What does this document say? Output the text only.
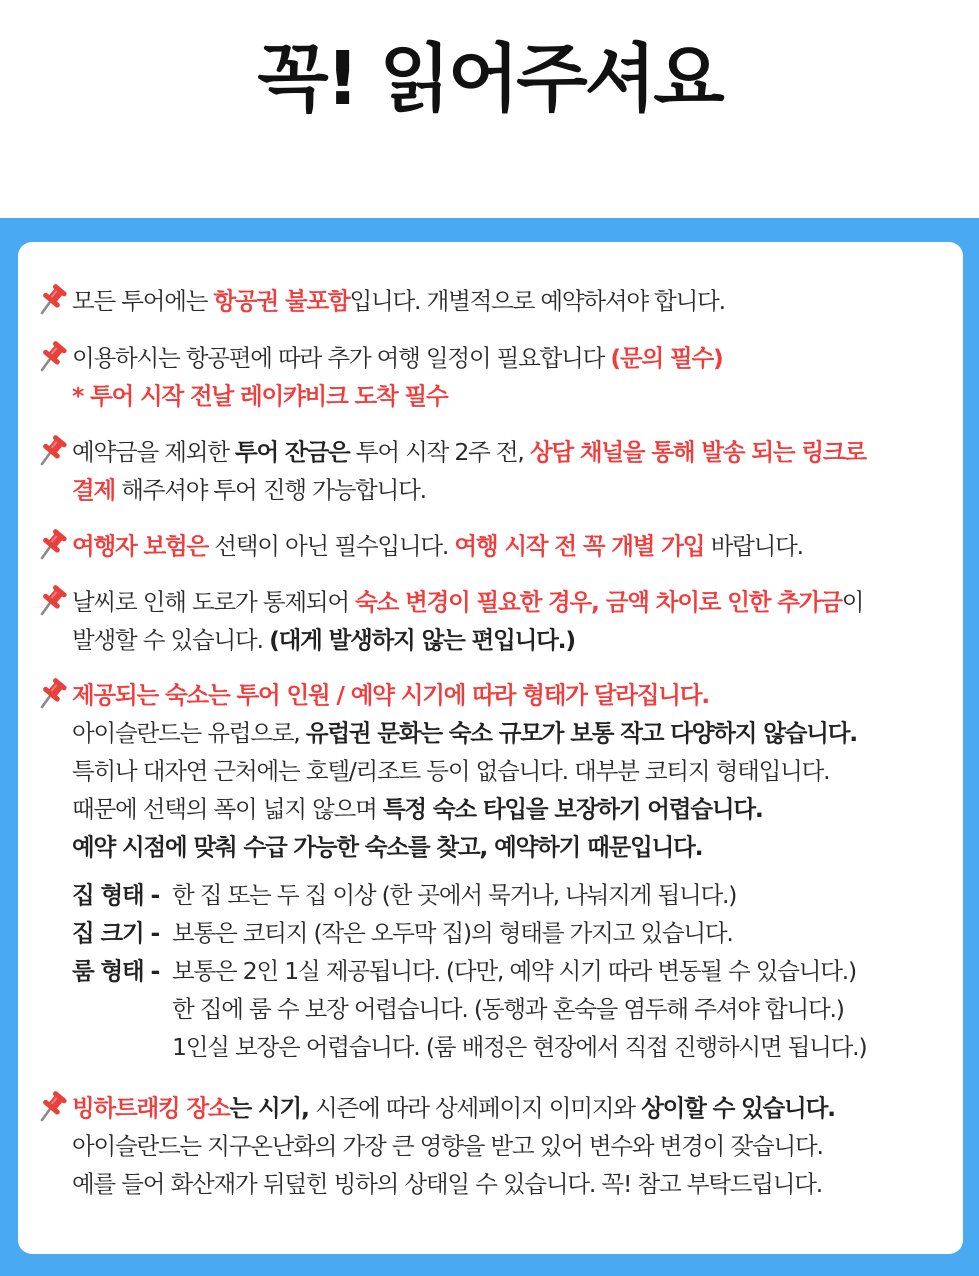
꼭! 읽어주셔요
모든 투어에는 항공권 불포함입니다. 개별적으로 예약하셔야 합니다.
이용하시는 항공편에 따라 추가 여행 일정이 필요합니다 (문의 필수)
* 투어 시작 전날 레이캬비크 도착 필수
예약금을 제외한 투어 잔금은 투어 시작 2주 전, 상담 채널을 통해 발송 되는 링크로
결제 해주셔야 투어 진행 가능합니다.
여행자 보험은 선택이 아닌 필수입니다. 여행 시작 전 꼭 개별 가입 바랍니다.
날씨로 인해 도로가 통제되어 숙소 변경이 필요한 경우, 금액 차이로 인한 추가금이
발생할 수 있습니다. (대게 발생하지 않는 편입니다.)
제공되는 숙소는 투어 인원 / 예약 시기에 따라 형태가 달라집니다.
아이슬란드는 유럽으로, 유럽권 문화는 숙소 규모가 보통 작고 다양하지 않습니다.
특히나 대자연 근처에는 호텔/리조트 등이 없습니다. 대부분 코티지 형태입니다.
때문에 선택의 폭이 넓지 않으며 특정 숙소 타입을 보장하기 어렵습니다.
예약 시점에 맞춰 수급 가능한 숙소를 찾고, 예약하기 때문입니다.
집 형태 - 한 집 또는 두 집 이상 (한 곳에서 묵거나, 나눠지게 됩니다.)
집 크기 - 보통은 코티지 (작은 오두막 집)의 형태를 가지고 있습니다.
룸 형태 - 보통은 2인 1실 제공됩니다. (다만, 예약 시기 따라 변동될 수 있습니다.)
한 집에 룸 수 보장 어렵습니다. (동행과 혼숙을 염두해 주셔야 합니다.)
1인실 보장은 어렵습니다. (룸 배정은 현장에서 직접 진행하시면 됩니다.)
빙하트래킹 장소는 시기, 시즌에 따라 상세페이지 이미지와 상이할 수 있습니다.
아이슬란드는 지구온난화의 가장 큰 영향을 받고 있어 변수와 변경이 잦습니다.
예를 들어 화산재가 뒤덮힌 빙하의 상태일 수 있습니다. 꼭! 참고 부탁드립니다.
